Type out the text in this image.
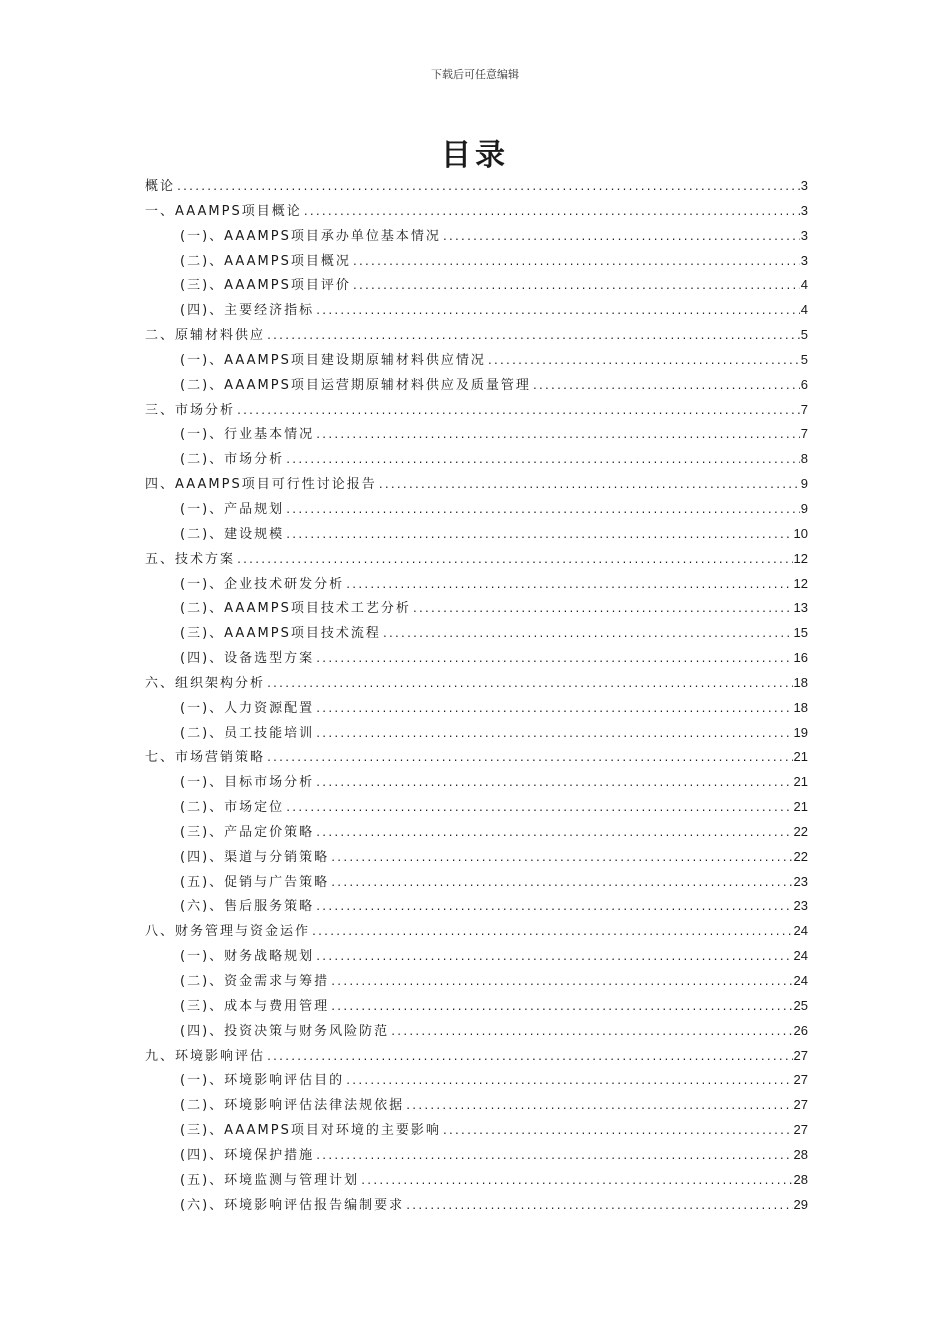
下载后可任意编辑
目录
概论 .....	3
一、AAAMPS项目概论 .....	3
(一)、AAAMPS项目承办单位基本情况 .....	3
(二)、AAAMPS项目概况 .....	3
(三)、AAAMPS项目评价 .....	4
(四)、主要经济指标 .....	4
二、原辅材料供应 .....	5
(一)、AAAMPS项目建设期原辅材料供应情况 .....	5
(二)、AAAMPS项目运营期原辅材料供应及质量管理 .....	6
三、市场分析 .....	7
(一)、行业基本情况 .....	7
(二)、市场分析 .....	8
四、AAAMPS项目可行性讨论报告 .....	9
(一)、产品规划 .....	9
(二)、建设规模 .....	10
五、技术方案 .....	12
(一)、企业技术研发分析 .....	12
(二)、AAAMPS项目技术工艺分析 .....	13
(三)、AAAMPS项目技术流程 .....	15
(四)、设备选型方案 .....	16
六、组织架构分析 .....	18
(一)、人力资源配置 .....	18
(二)、员工技能培训 .....	19
七、市场营销策略 .....	21
(一)、目标市场分析 .....	21
(二)、市场定位 .....	21
(三)、产品定价策略 .....	22
(四)、渠道与分销策略 .....	22
(五)、促销与广告策略 .....	23
(六)、售后服务策略 .....	23
八、财务管理与资金运作 .....	24
(一)、财务战略规划 .....	24
(二)、资金需求与筹措 .....	24
(三)、成本与费用管理 .....	25
(四)、投资决策与财务风险防范 .....	26
九、环境影响评估 .....	27
(一)、环境影响评估目的 .....	27
(二)、环境影响评估法律法规依据 .....	27
(三)、AAAMPS项目对环境的主要影响 .....	27
(四)、环境保护措施 .....	28
(五)、环境监测与管理计划 .....	28
(六)、环境影响评估报告编制要求 .....	29
